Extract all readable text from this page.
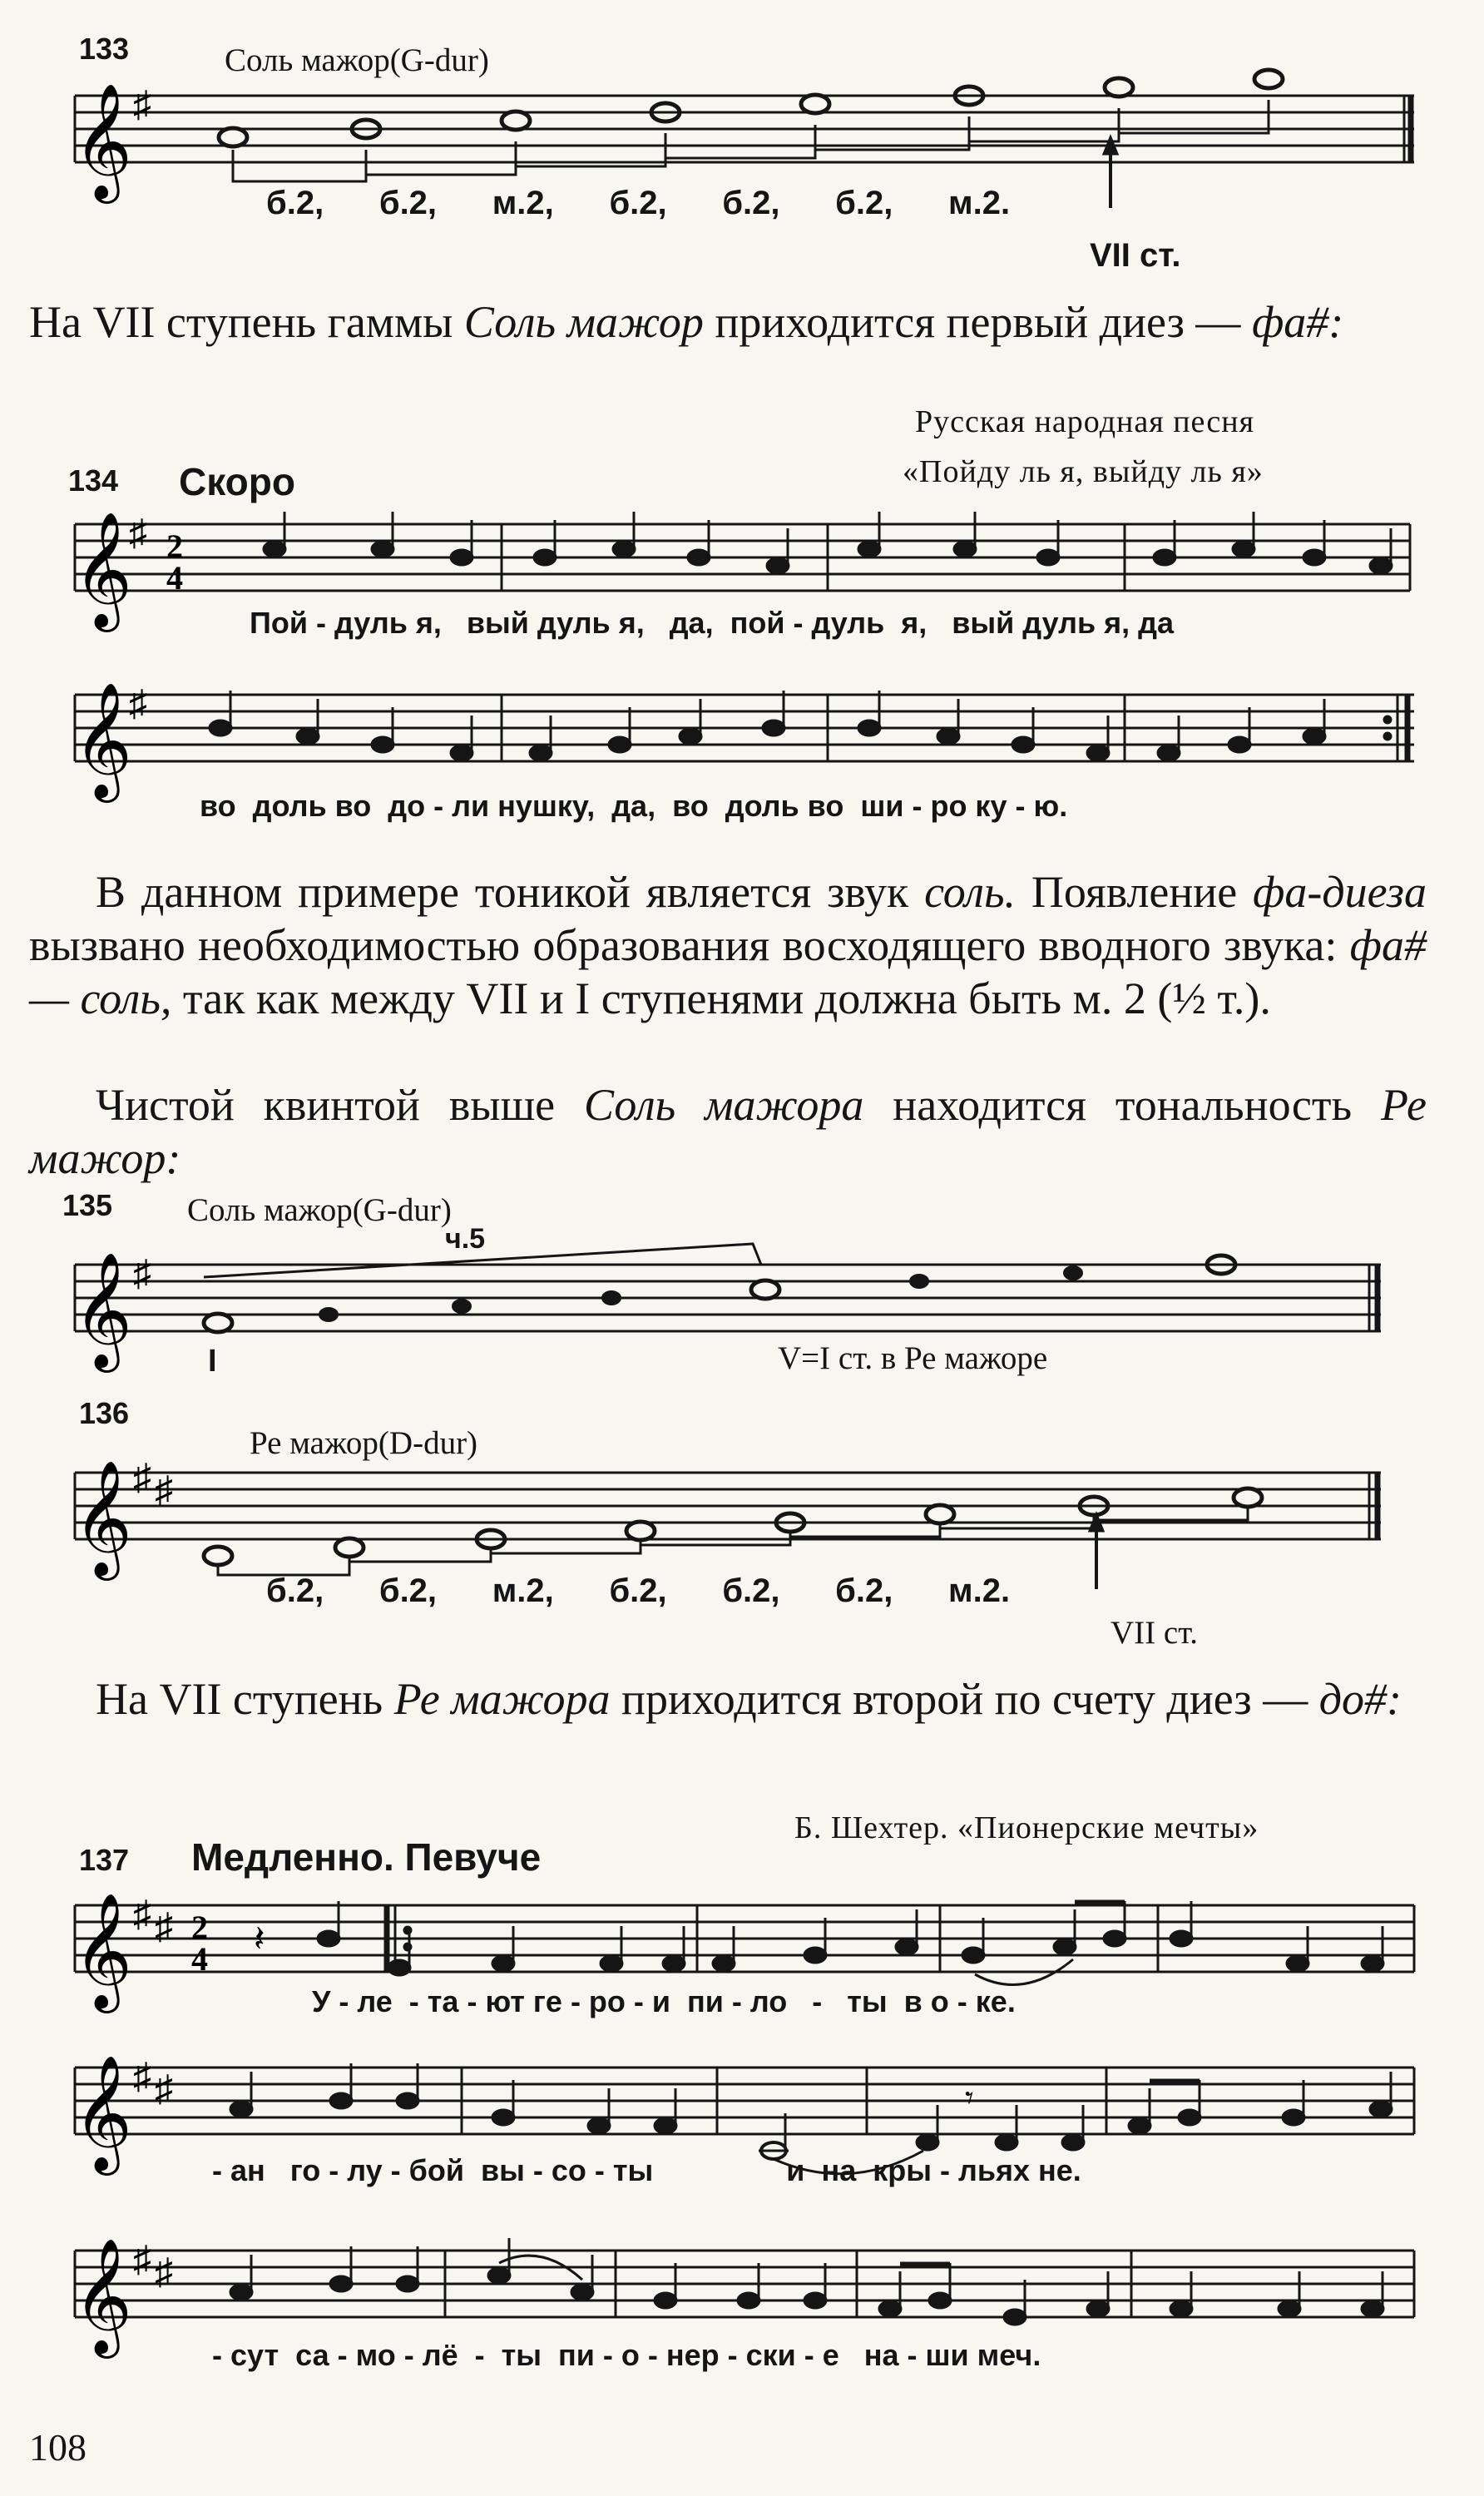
133	Соль мажор(G-dur)
𝄞 ♯
б.2,      б.2,      м.2,      б.2,      б.2,      б.2,      м.2.
VII ст.
На VII ступень гаммы Соль мажор приходится первый диез — фа#:
Русская народная песня
«Пойду ль я, выйду ль я»
134 Скоро
𝄞
♯ 2
4
Пой - дуль я,   вый дуль я,   да,  пой - дуль  я,   вый дуль я, да
𝄞
♯
во  доль во  до - ли нушку,  да,  во  доль во  ши - ро ку - ю.
В данном примере тоникой является звук соль. Появление фа-диеза вызвано необходимостью образования восходящего вводного звука: фа# — соль, так как между VII и I ступенями должна быть м. 2 (½ т.).
Чистой квинтой выше Соль мажора находится тональность Ре мажор:
135 Соль мажор(G-dur)
ч.5
𝄞 ♯
I	V=I ст. в Ре мажоре
136
Ре мажор(D-dur)
𝄞 ♯ ♯
б.2,      б.2,      м.2,      б.2,      б.2,      б.2,      м.2.
VII ст.
На VII ступень Ре мажора приходится второй по счету диез — до#:
Б. Шехтер. «Пионерские мечты»
137 Медленно. Певуче
𝄞 ♯ ♯ 2
4 𝄽
У - ле  - та - ют ге - ро - и  пи - ло   -   ты  в о - ке.
𝄞 ♯ ♯	𝄾
- ан   го - лу - бой  вы - со - ты                и  на  кры - льях не.
𝄞 ♯ ♯
- сут  са - мо - лё  -  ты  пи - о - нер - ски - е   на - ши меч.
108
